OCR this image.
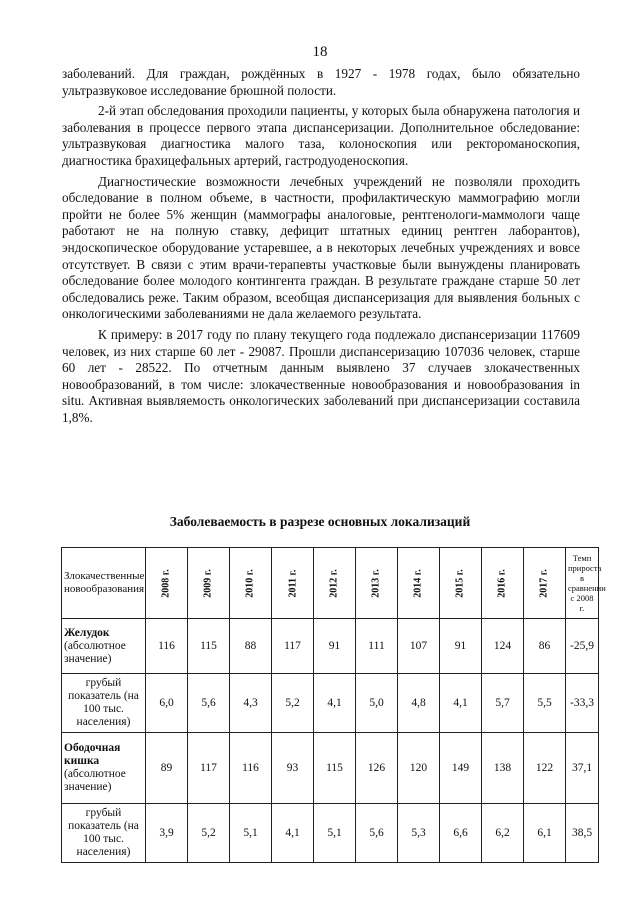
18

заболеваний. Для граждан, рождённых в 1927 - 1978 годах, было обязательно ультразвуковое исследование брюшной полости.

2-й этап обследования проходили пациенты, у которых была обнаружена патология и заболевания в процессе первого этапа диспансеризации. Дополнительное обследование: ультразвуковая диагностика малого таза, колоноскопия или ректороманоскопия, диагностика брахицефальных артерий, гастродуоденоскопия.

Диагностические возможности лечебных учреждений не позволяли проходить обследование в полном объеме, в частности, профилактическую маммографию могли пройти не более 5% женщин (маммографы аналоговые, рентгенологи-маммологи чаще работают не на полную ставку, дефицит штатных единиц рентген лаборантов), эндоскопическое оборудование устаревшее, а в некоторых лечебных учреждениях и вовсе отсутствует. В связи с этим врачи-терапевты участковые были вынуждены планировать обследование более молодого контингента граждан. В результате граждане старше 50 лет обследовались реже. Таким образом, всеобщая диспансеризация для выявления больных с онкологическими заболеваниями не дала желаемого результата.

К примеру: в 2017 году по плану текущего года подлежало диспансеризации 117609 человек, из них старше 60 лет - 29087. Прошли диспансеризацию 107036 человек, старше 60 лет - 28522. По отчетным данным выявлено 37 случаев злокачественных новообразований, в том числе: злокачественные новообразования и новообразования in situ. Активная выявляемость онкологических заболеваний при диспансеризации составила 1,8%.

Заболеваемость в разрезе основных локализаций
Злокачественные новообразования	2008 г.	2009 г.	2010 г.	2011 г.	2012 г.	2013 г.	2014 г.	2015 г.	2016 г.	2017 г.	Темп прироста в сравнении с 2008 г.
Желудок
(абсолютное значение)	116	115	88	117	91	111	107	91	124	86	-25,9
грубый показатель (на 100 тыс. населения)	6,0	5,6	4,3	5,2	4,1	5,0	4,8	4,1	5,7	5,5	-33,3
Ободочная кишка
(абсолютное значение)	89	117	116	93	115	126	120	149	138	122	37,1
грубый показатель (на 100 тыс. населения)	3,9	5,2	5,1	4,1	5,1	5,6	5,3	6,6	6,2	6,1	38,5
